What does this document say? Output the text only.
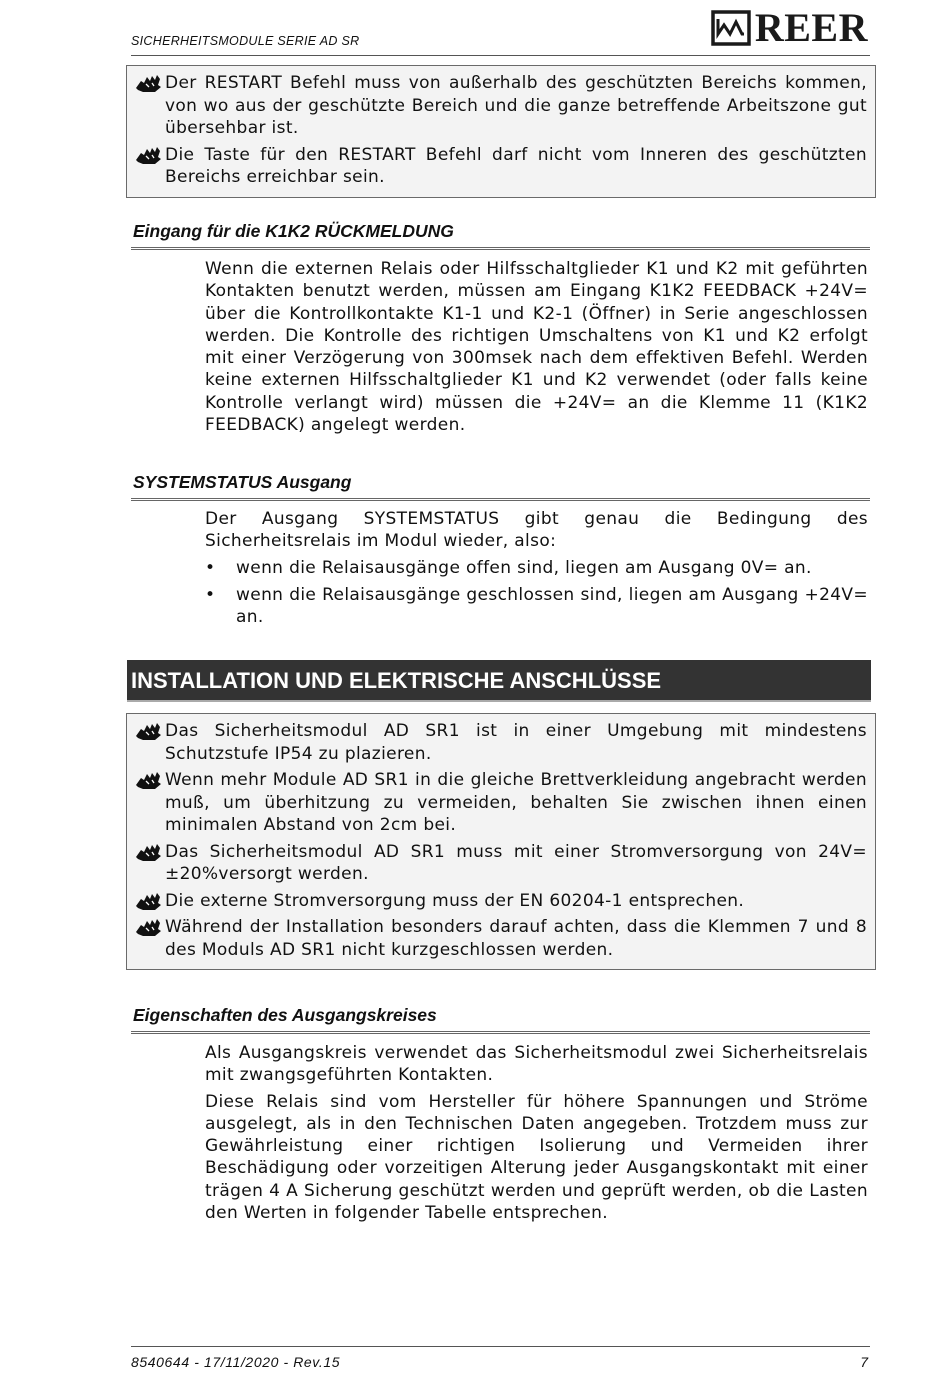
SICHERHEITSMODULE SERIE AD SR	REER
Der RESTART Befehl muss von außerhalb des geschützten Bereichs kommen, von wo aus der geschützte Bereich und die ganze betreffende Arbeitszone gut übersehbar ist.
Die Taste für den RESTART Befehl darf nicht vom Inneren des geschützten Bereichs erreichbar sein.
Eingang für die K1K2 RÜCKMELDUNG

Wenn die externen Relais oder Hilfsschaltglieder K1 und K2 mit geführten Kontakten benutzt werden, müssen am Eingang K1K2 FEEDBACK +24V= über die Kontrollkontakte K1-1 und K2-1 (Öffner) in Serie angeschlossen werden. Die Kontrolle des richtigen Umschaltens von K1 und K2 erfolgt mit einer Verzögerung von 300msek nach dem effektiven Befehl. Werden keine externen Hilfsschaltglieder K1 und K2 verwendet (oder falls keine Kontrolle verlangt wird) müssen die +24V= an die Klemme 11 (K1K2 FEEDBACK) angelegt werden.

SYSTEMSTATUS Ausgang

Der Ausgang SYSTEMSTATUS gibt genau die Bedingung des Sicherheitsrelais im Modul wieder, also:

• wenn die Relaisausgänge offen sind, liegen am Ausgang 0V= an.
• wenn die Relaisausgänge geschlossen sind, liegen am Ausgang +24V= an.
INSTALLATION UND ELEKTRISCHE ANSCHLÜSSE
Das Sicherheitsmodul AD SR1 ist in einer Umgebung mit mindestens Schutzstufe IP54 zu plazieren.
Wenn mehr Module AD SR1 in die gleiche Brettverkleidung angebracht werden muß, um überhitzung zu vermeiden, behalten Sie zwischen ihnen einen minimalen Abstand von 2cm bei.
Das Sicherheitsmodul AD SR1 muss mit einer Stromversorgung von 24V= ±20%versorgt werden.
Die externe Stromversorgung muss der EN 60204-1 entsprechen.
Während der Installation besonders darauf achten, dass die Klemmen 7 und 8 des Moduls AD SR1 nicht kurzgeschlossen werden.
Eigenschaften des Ausgangskreises

Als Ausgangskreis verwendet das Sicherheitsmodul zwei Sicherheitsrelais mit zwangsgeführten Kontakten.

Diese Relais sind vom Hersteller für höhere Spannungen und Ströme ausgelegt, als in den Technischen Daten angegeben. Trotzdem muss zur Gewährleistung einer richtigen Isolierung und Vermeiden ihrer Beschädigung oder vorzeitigen Alterung jeder Ausgangskontakt mit einer trägen 4 A Sicherung geschützt werden und geprüft werden, ob die Lasten den Werten in folgender Tabelle entsprechen.

8540644 - 17/11/2020 - Rev.15	7
